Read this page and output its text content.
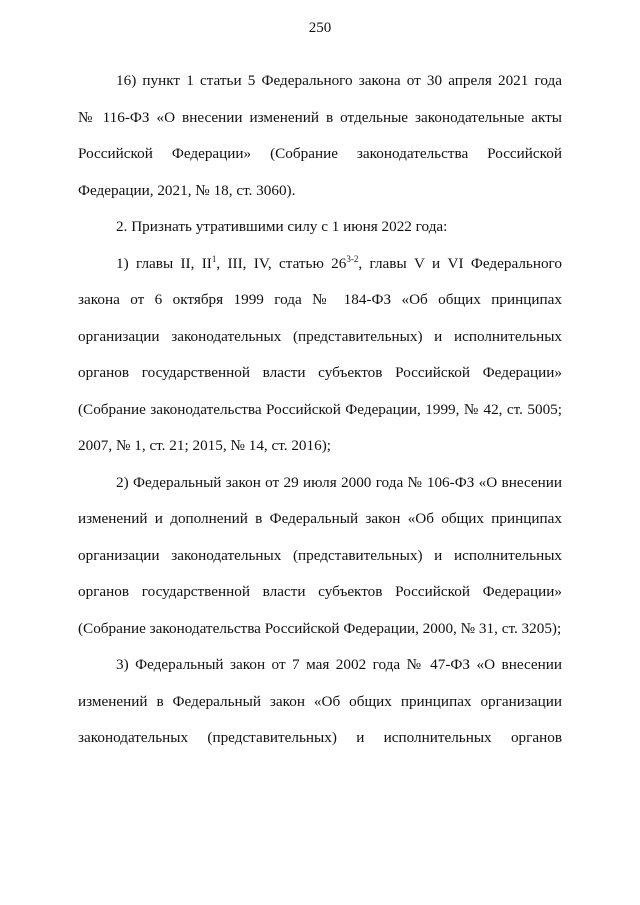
250

16) пункт 1 статьи 5 Федерального закона от 30 апреля 2021 года
№ 116-ФЗ «О внесении изменений в отдельные законодательные акты
Российской Федерации» (Собрание законодательства Российской
Федерации, 2021, № 18, ст. 3060).

2. Признать утратившими силу с 1 июня 2022 года:

1) главы II, $II^1$, III, IV, статью 26$^{3-2}$, главы V и VI Федерального
закона от 6 октября 1999 года № 184-ФЗ «Об общих принципах
организации законодательных (представительных) и исполнительных
органов государственной власти субъектов Российской Федерации»
(Собрание законодательства Российской Федерации, 1999, № 42, ст. 5005;
2007, № 1, ст. 21; 2015, № 14, ст. 2016);

2) Федеральный закон от 29 июля 2000 года № 106-ФЗ «О внесении
изменений и дополнений в Федеральный закон «Об общих принципах
организации законодательных (представительных) и исполнительных
органов государственной власти субъектов Российской Федерации»
(Собрание законодательства Российской Федерации, 2000, № 31, ст. 3205);

3) Федеральный закон от 7 мая 2002 года № 47-ФЗ «О внесении
изменений в Федеральный закон «Об общих принципах организации
законодательных (представительных) и исполнительных органов
